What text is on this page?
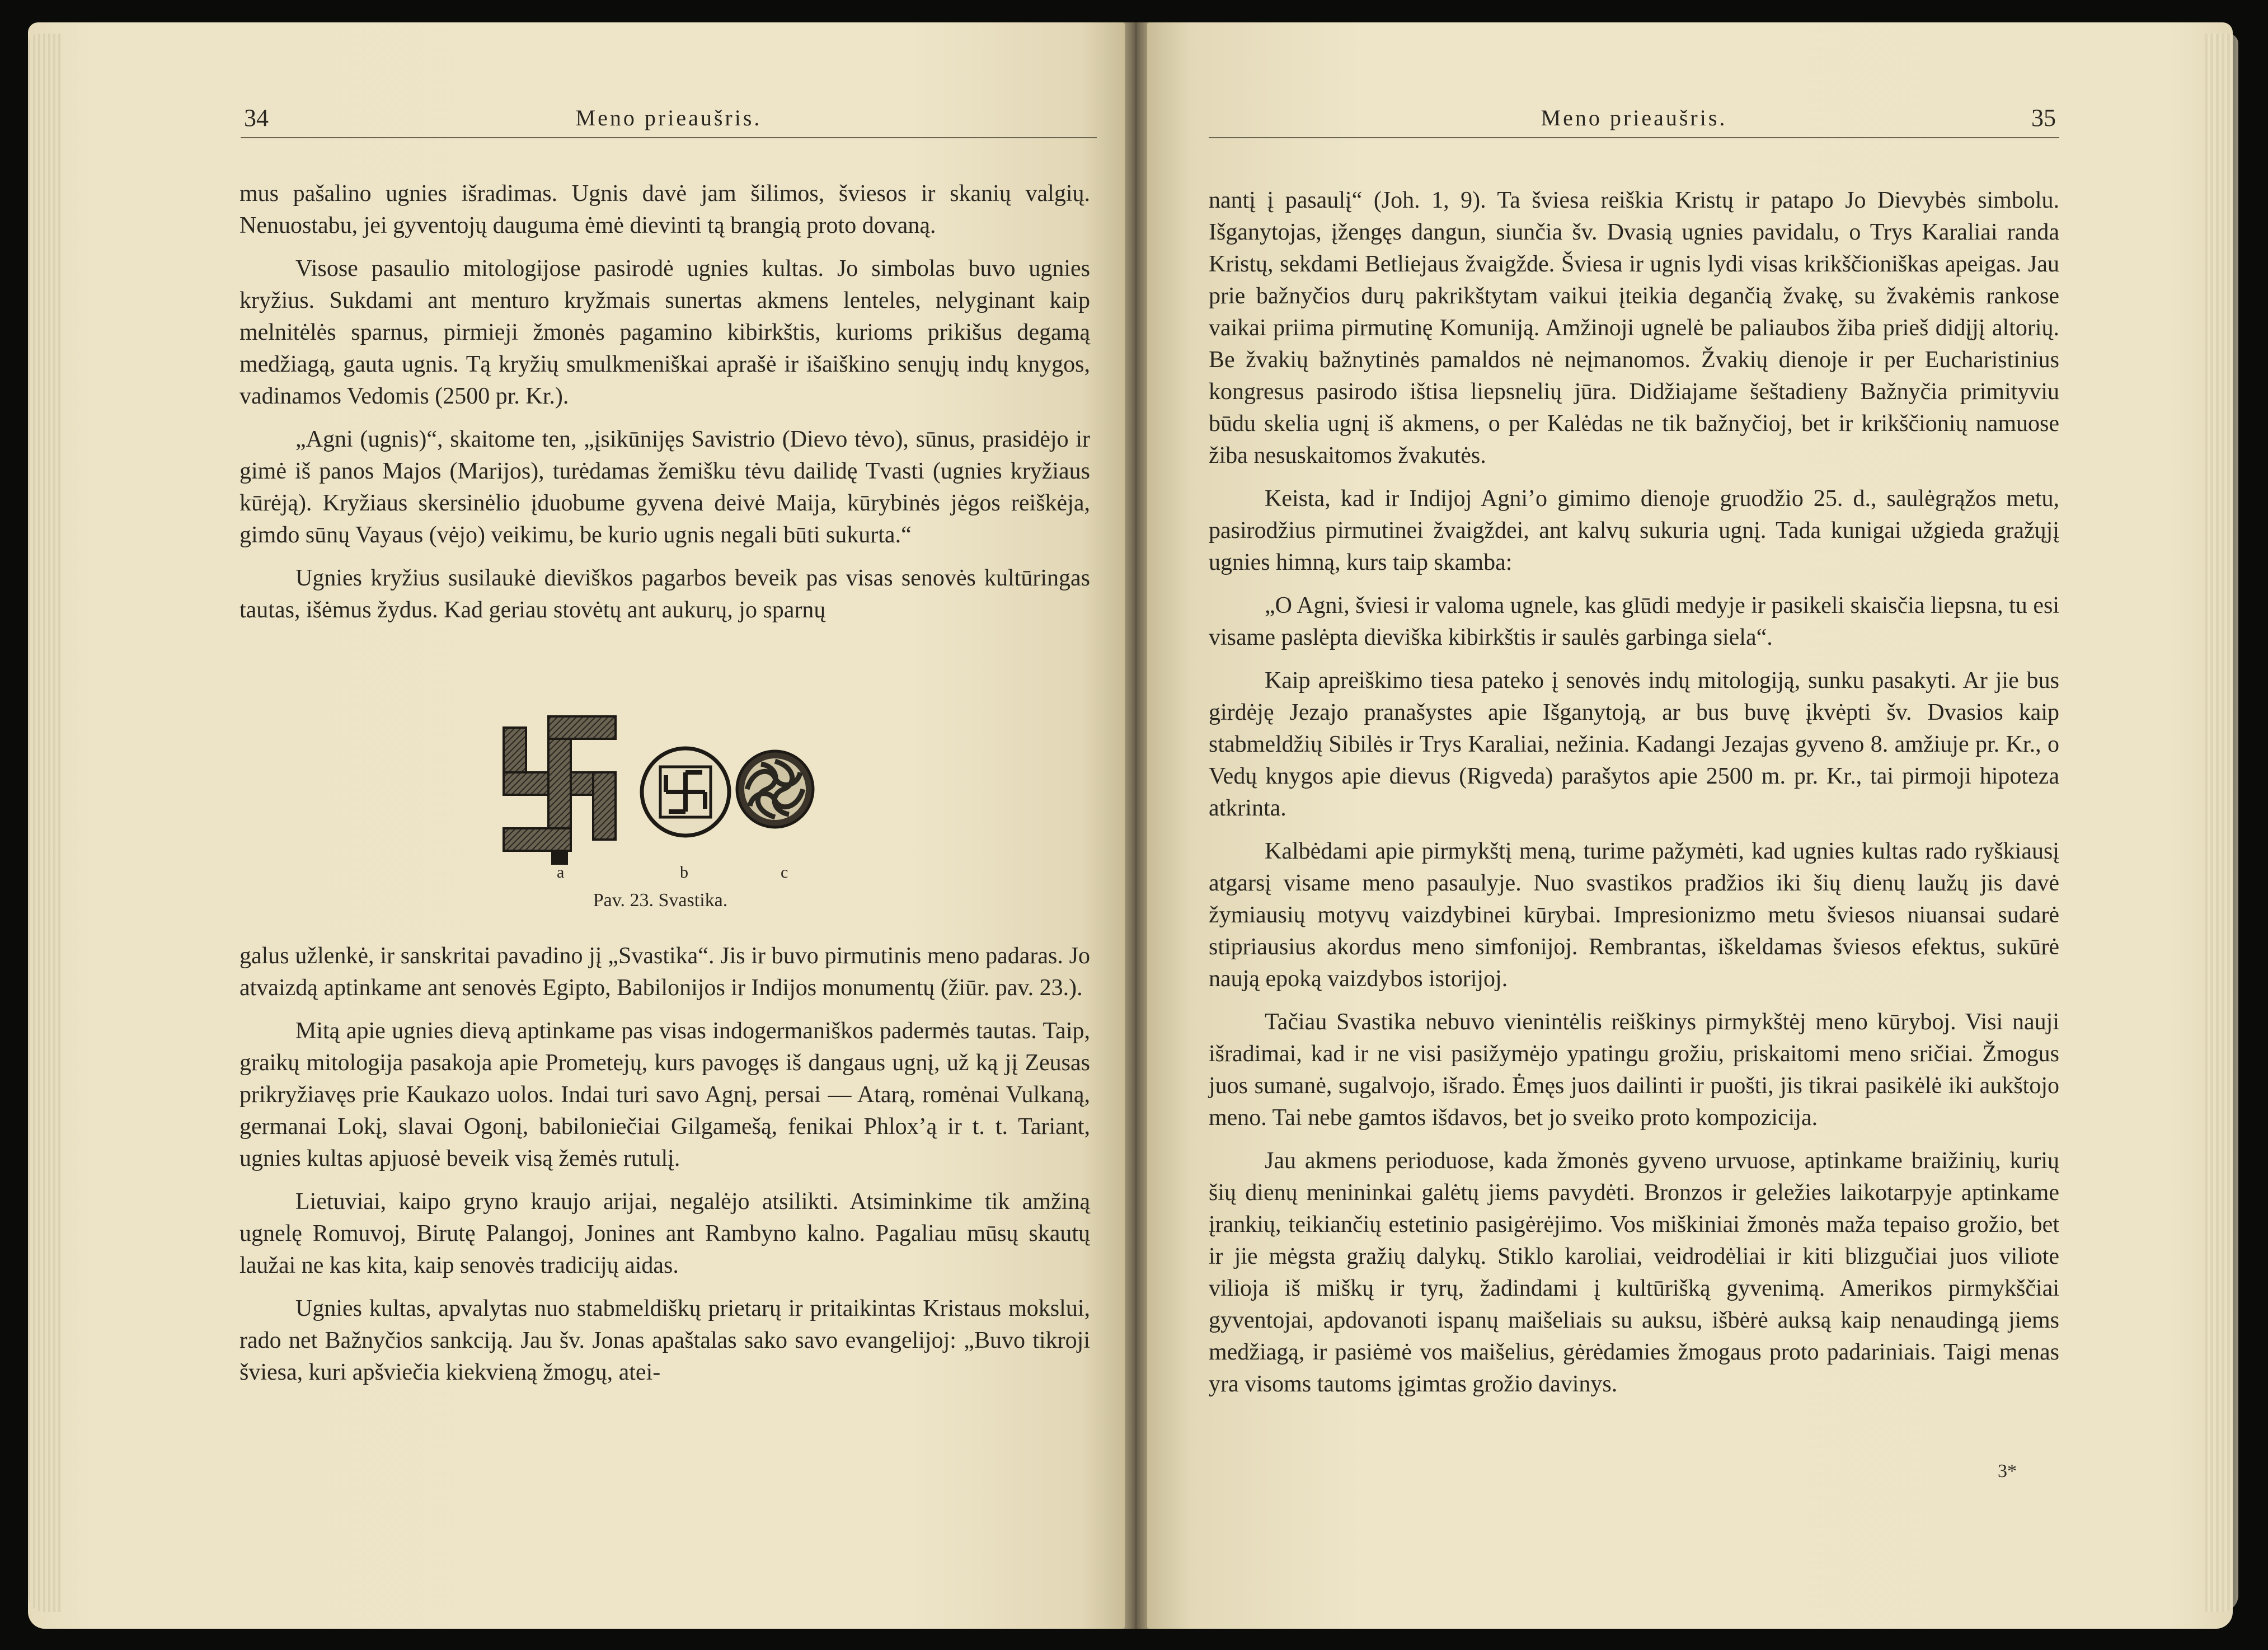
34	Meno prieaušris.

mus pašalino ugnies išradimas. Ugnis davė jam šilimos, šviesos ir skanių valgių. Nenuostabu, jei gyventojų dauguma ėmė dievinti tą brangią proto dovaną.

Visose pasaulio mitologijose pasirodė ugnies kultas. Jo simbolas buvo ugnies kryžius. Sukdami ant menturo kryžmais sunertas akmens lenteles, nelyginant kaip melnitėlės sparnus, pirmieji žmonės pagamino kibirkštis, kurioms prikišus degamą medžiagą, gauta ugnis. Tą kryžių smulkmeniškai aprašė ir išaiškino senųjų indų knygos, vadinamos Vedomis (2500 pr. Kr.).

„Agni (ugnis)“, skaitome ten, „įsikūnijęs Savistrio (Dievo tėvo), sūnus, prasidėjo ir gimė iš panos Majos (Marijos), turėdamas žemišku tėvu dailidę Tvasti (ugnies kryžiaus kūrėją). Kryžiaus skersinėlio įduobume gyvena deivė Maija, kūrybinės jėgos reiškėja, gimdo sūnų Vayaus (vėjo) veikimu, be kurio ugnis negali būti sukurta.“

Ugnies kryžius susilaukė dieviškos pagarbos beveik pas visas senovės kultūringas tautas, išėmus žydus. Kad geriau stovėtų ant aukurų, jo sparnų

a	b	c
Pav. 23. Svastika.

galus užlenkė, ir sanskritai pavadino jį „Svastika“. Jis ir buvo pirmutinis meno padaras. Jo atvaizdą aptinkame ant senovės Egipto, Babilonijos ir Indijos monumentų (žiūr. pav. 23.).

Mitą apie ugnies dievą aptinkame pas visas indogermaniškos padermės tautas. Taip, graikų mitologija pasakoja apie Prometejų, kurs pavogęs iš dangaus ugnį, už ką jį Zeusas prikryžiavęs prie Kaukazo uolos. Indai turi savo Agnį, persai — Atarą, romėnai Vulkaną, germanai Lokį, slavai Ogonį, babiloniečiai Gilgamešą, fenikai Phlox’ą ir t. t. Tariant, ugnies kultas apjuosė beveik visą žemės rutulį.

Lietuviai, kaipo gryno kraujo arijai, negalėjo atsilikti. Atsiminkime tik amžiną ugnelę Romuvoj, Birutę Palangoj, Jonines ant Rambyno kalno. Pagaliau mūsų skautų laužai ne kas kita, kaip senovės tradicijų aidas.

Ugnies kultas, apvalytas nuo stabmeldiškų prietarų ir pritaikintas Kristaus mokslui, rado net Bažnyčios sankciją. Jau šv. Jonas apaštalas sako savo evangelijoj: „Buvo tikroji šviesa, kuri apšviečia kiekvieną žmogų, atei-

Meno prieaušris.	35

nantį į pasaulį“ (Joh. 1, 9). Ta šviesa reiškia Kristų ir patapo Jo Dievybės simbolu. Išganytojas, įžengęs dangun, siunčia šv. Dvasią ugnies pavidalu, o Trys Karaliai randa Kristų, sekdami Betliejaus žvaigžde. Šviesa ir ugnis lydi visas krikščioniškas apeigas. Jau prie bažnyčios durų pakrikštytam vaikui įteikia degančią žvakę, su žvakėmis rankose vaikai priima pirmutinę Komuniją. Amžinoji ugnelė be paliaubos žiba prieš didįjį altorių. Be žvakių bažnytinės pamaldos nė neįmanomos. Žvakių dienoje ir per Eucharistinius kongresus pasirodo ištisa liepsnelių jūra. Didžiajame šeštadieny Bažnyčia primityviu būdu skelia ugnį iš akmens, o per Kalėdas ne tik bažnyčioj, bet ir krikščionių namuose žiba nesuskaitomos žvakutės.

Keista, kad ir Indijoj Agni’o gimimo dienoje gruodžio 25. d., saulėgrąžos metu, pasirodžius pirmutinei žvaigždei, ant kalvų sukuria ugnį. Tada kunigai užgieda gražųjį ugnies himną, kurs taip skamba:

„O Agni, šviesi ir valoma ugnele, kas glūdi medyje ir pasikeli skaisčia liepsna, tu esi visame paslėpta dieviška kibirkštis ir saulės garbinga siela“.

Kaip apreiškimo tiesa pateko į senovės indų mitologiją, sunku pasakyti. Ar jie bus girdėję Jezajo pranašystes apie Išganytoją, ar bus buvę įkvėpti šv. Dvasios kaip stabmeldžių Sibilės ir Trys Karaliai, nežinia. Kadangi Jezajas gyveno 8. amžiuje pr. Kr., o Vedų knygos apie dievus (Rigveda) parašytos apie 2500 m. pr. Kr., tai pirmoji hipoteza atkrinta.

Kalbėdami apie pirmykštį meną, turime pažymėti, kad ugnies kultas rado ryškiausį atgarsį visame meno pasaulyje. Nuo svastikos pradžios iki šių dienų laužų jis davė žymiausių motyvų vaizdybinei kūrybai. Impresionizmo metu šviesos niuansai sudarė stipriausius akordus meno simfonijoj. Rembrantas, iškeldamas šviesos efektus, sukūrė naują epoką vaizdybos istorijoj.

Tačiau Svastika nebuvo vienintėlis reiškinys pirmykštėj meno kūryboj. Visi nauji išradimai, kad ir ne visi pasižymėjo ypatingu grožiu, priskaitomi meno sričiai. Žmogus juos sumanė, sugalvojo, išrado. Ėmęs juos dailinti ir puošti, jis tikrai pasikėlė iki aukštojo meno. Tai nebe gamtos išdavos, bet jo sveiko proto kompozicija.

Jau akmens perioduose, kada žmonės gyveno urvuose, aptinkame braižinių, kurių šių dienų menininkai galėtų jiems pavydėti. Bronzos ir geležies laikotarpyje aptinkame įrankių, teikiančių estetinio pasigėrėjimo. Vos miškiniai žmonės maža tepaiso grožio, bet ir jie mėgsta gražių dalykų. Stiklo karoliai, veidrodėliai ir kiti blizgučiai juos viliote vilioja iš miškų ir tyrų, žadindami į kultūrišką gyvenimą. Amerikos pirmykščiai gyventojai, apdovanoti ispanų maišeliais su auksu, išbėrė auksą kaip nenaudingą jiems medžiagą, ir pasiėmė vos maišelius, gėrėdamies žmogaus proto padariniais. Taigi menas yra visoms tautoms įgimtas grožio davinys.

3*
